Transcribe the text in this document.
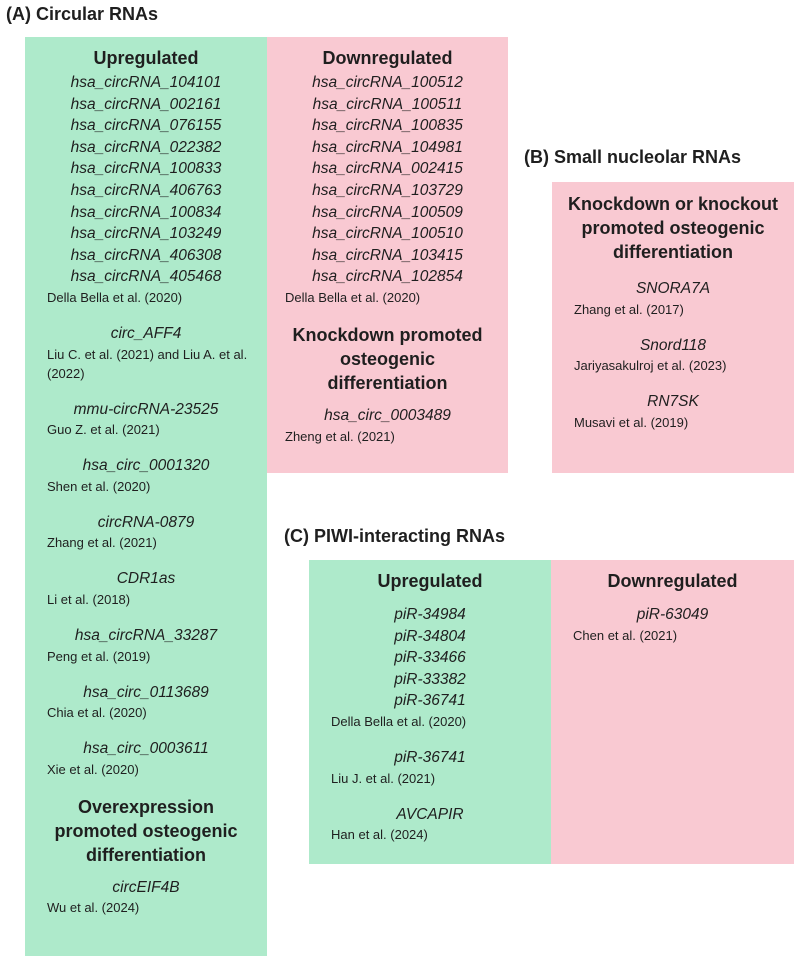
(A) Circular RNAs
Upregulated
hsa_circRNA_104101
hsa_circRNA_002161
hsa_circRNA_076155
hsa_circRNA_022382
hsa_circRNA_100833
hsa_circRNA_406763
hsa_circRNA_100834
hsa_circRNA_103249
hsa_circRNA_406308
hsa_circRNA_405468
Della Bella et al. (2020)
circ_AFF4
Liu C. et al. (2021) and Liu A. et al. (2022)
mmu-circRNA-23525
Guo Z. et al. (2021)
hsa_circ_0001320
Shen et al. (2020)
circRNA-0879
Zhang et al. (2021)
CDR1as
Li et al. (2018)
hsa_circRNA_33287
Peng et al. (2019)
hsa_circ_0113689
Chia et al. (2020)
hsa_circ_0003611
Xie et al. (2020)
Overexpression promoted osteogenic differentiation
circEIF4B
Wu et al. (2024)
Downregulated
hsa_circRNA_100512
hsa_circRNA_100511
hsa_circRNA_100835
hsa_circRNA_104981
hsa_circRNA_002415
hsa_circRNA_103729
hsa_circRNA_100509
hsa_circRNA_100510
hsa_circRNA_103415
hsa_circRNA_102854
Della Bella et al. (2020)
Knockdown promoted osteogenic differentiation
hsa_circ_0003489
Zheng et al. (2021)
(B) Small nucleolar RNAs
Knockdown or knockout promoted osteogenic differentiation
SNORA7A
Zhang et al. (2017)
Snord118
Jariyasakulroj et al. (2023)
RN7SK
Musavi et al. (2019)
(C) PIWI-interacting RNAs
Upregulated
piR-34984
piR-34804
piR-33466
piR-33382
piR-36741
Della Bella et al. (2020)
piR-36741
Liu J. et al. (2021)
AVCAPIR
Han et al. (2024)
Downregulated
piR-63049
Chen et al. (2021)
